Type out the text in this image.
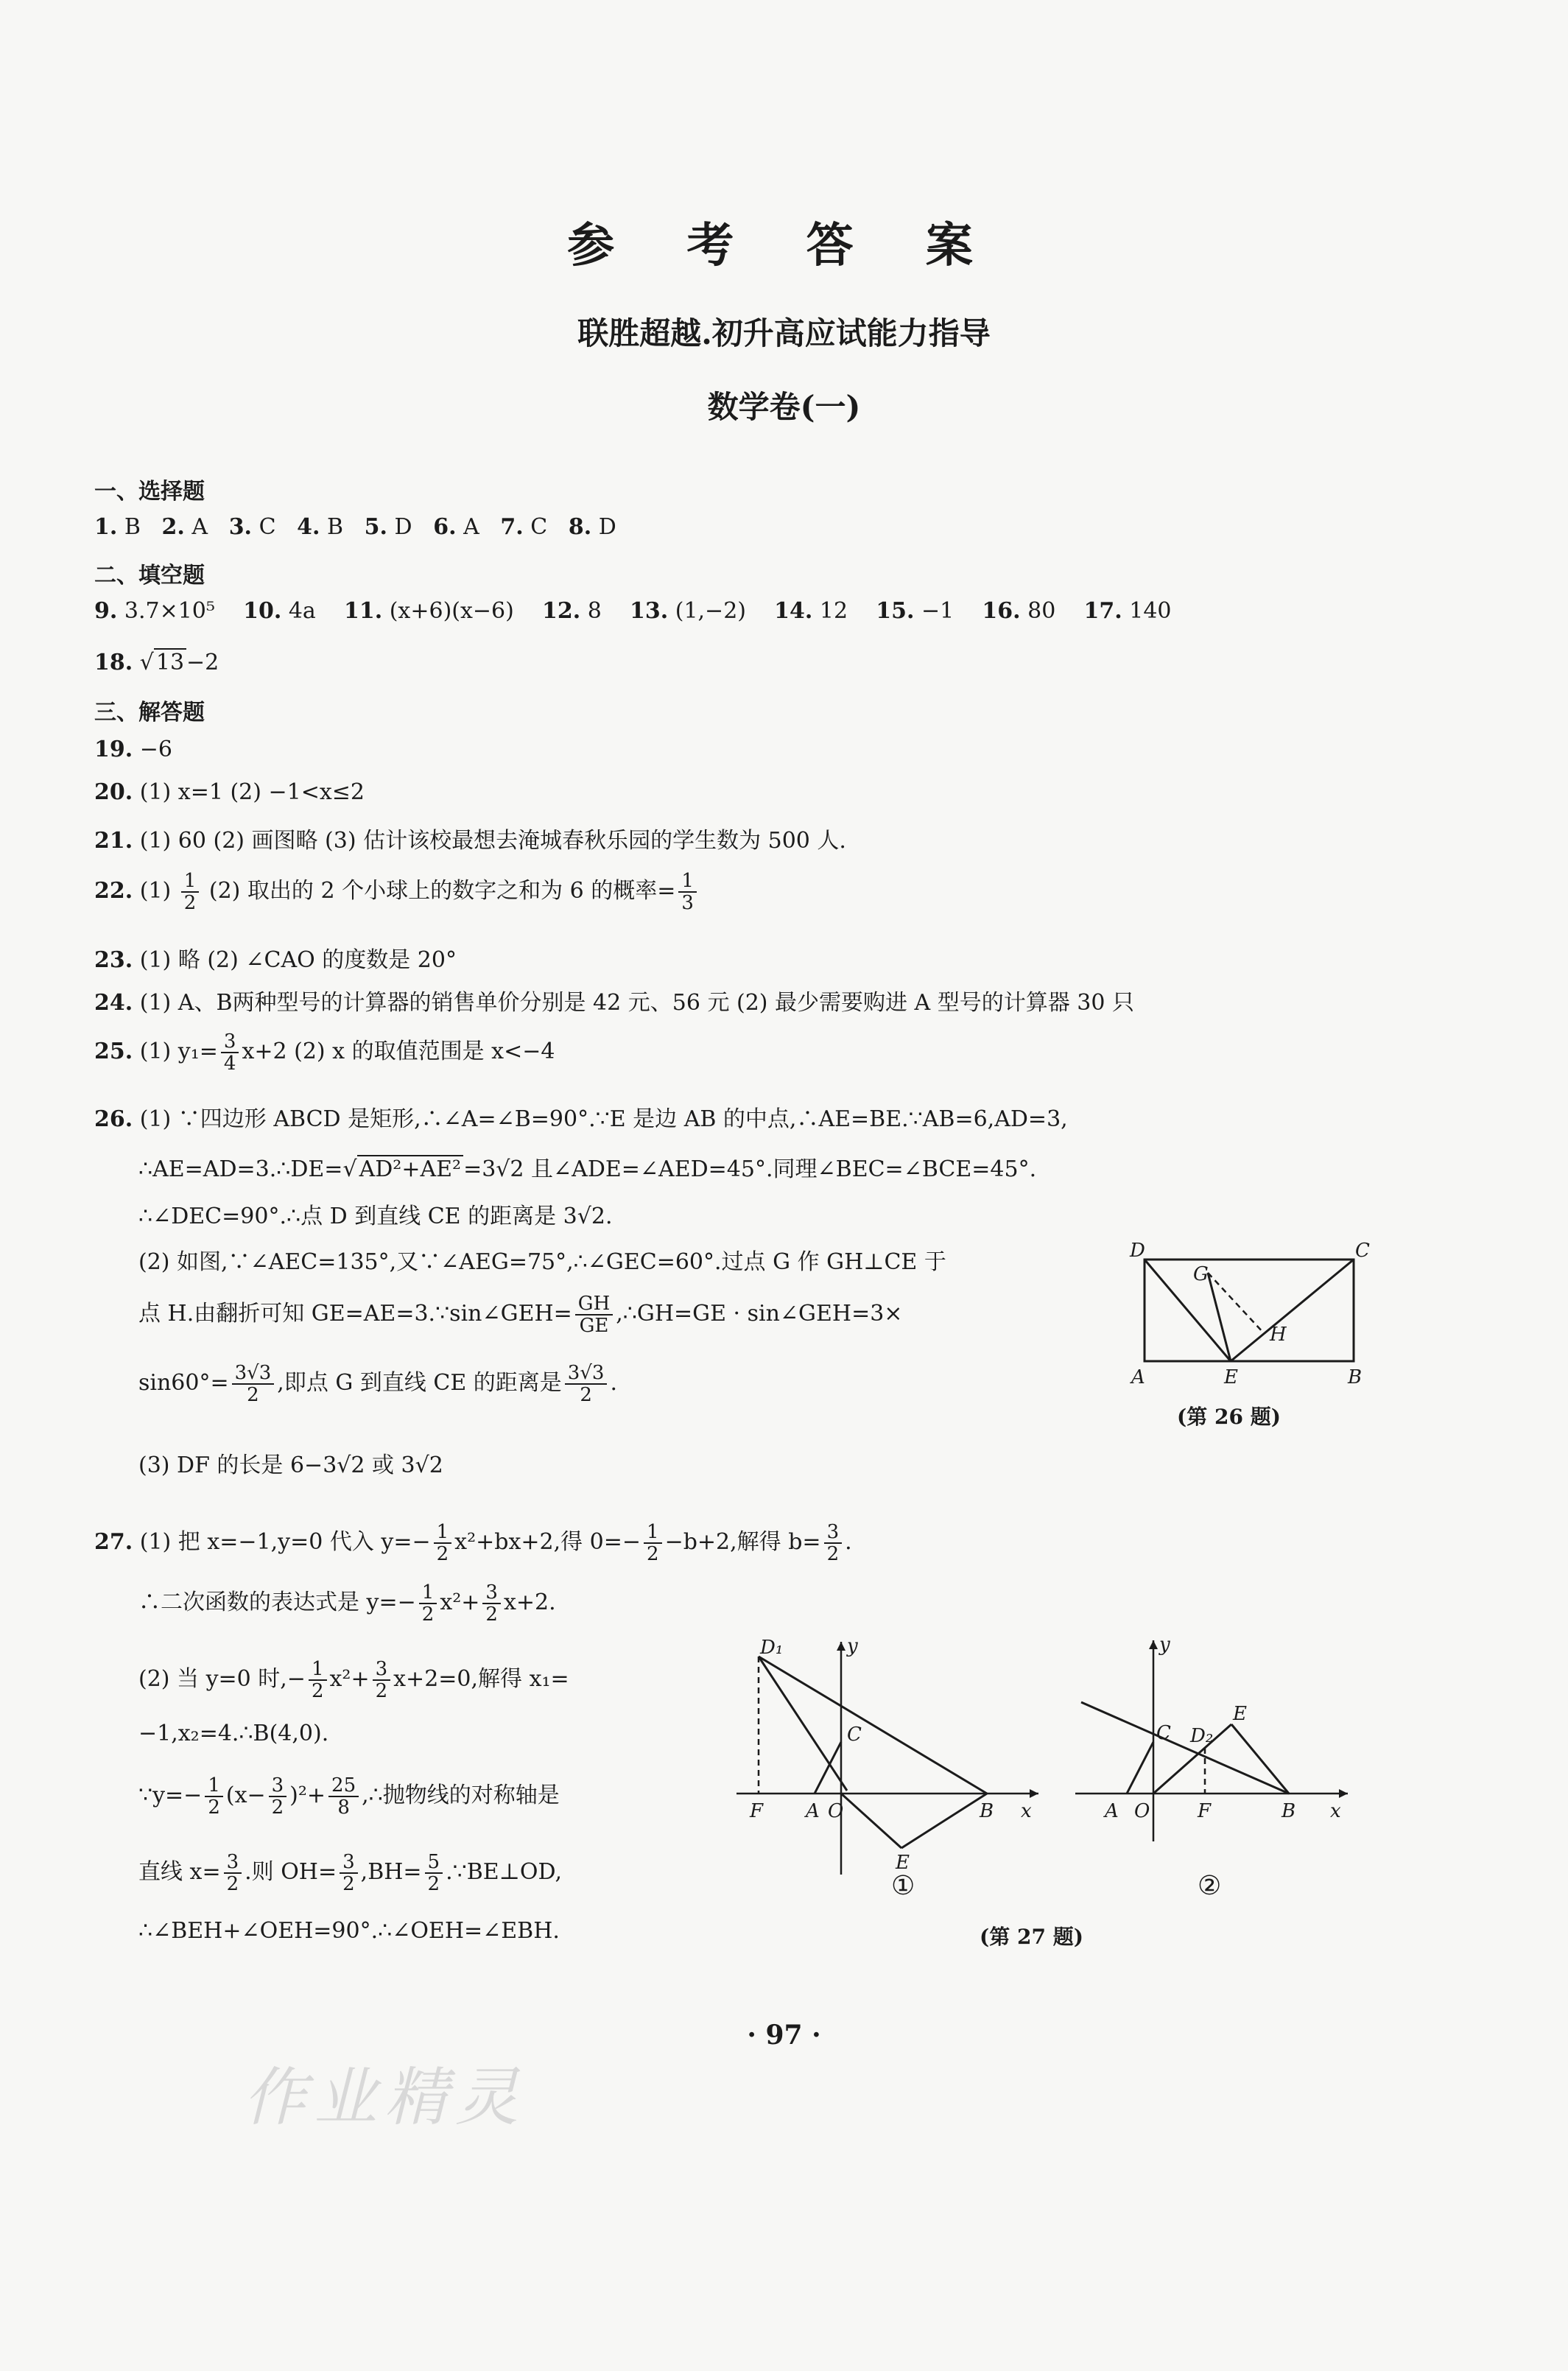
参 考 答 案
联胜超越.初升高应试能力指导
数学卷(一)
一、选择题
1. B 2. A 3. C 4. B 5. D 6. A 7. C 8. D
二、填空题
9. 3.7×10⁵ 10. 4a 11. (x+6)(x−6) 12. 8 13. (1,−2) 14. 12 15. −1 16. 80 17. 140
18. √ 13 −2
三、解答题
19. −6
20. (1) x=1 (2) −1<x≤2
21. (1) 60 (2) 画图略 (3) 估计该校最想去淹城春秋乐园的学生数为 500 人.
22. $(1) \frac{1}{2} (2)$ 取出的 2 个小球上的数字之和为 6 的概率= $\frac{1}{3}$
23. (1) 略 (2) ∠CAO 的度数是 20°
24. (1) A、B两种型号的计算器的销售单价分别是 42 元、56 元 (2) 最少需要购进 A 型号的计算器 30 只
25. (1) $y_1= \frac{3}{4} x+2$ (2) x 的取值范围是 x<−4
26. (1) ∵四边形 ABCD 是矩形,∴∠A=∠B=90°.∵E 是边 AB 的中点,∴AE=BE.∵AB=6,AD=3,
∴AE=AD=3.∴DE=√ AD²+AE² =3√2 且∠ADE=∠AED=45°.同理∠BEC=∠BCE=45°.
∴∠DEC=90°.∴点 D 到直线 CE 的距离是 3√2.
(2) 如图,∵∠AEC=135°,又∵∠AEG=75°,∴∠GEC=60°.过点 G 作 GH⊥CE 于
点 H.由翻折可知 GE=AE=3.∵sin∠GEH= $\frac{GH}{GE}$ ,∴GH=GE · sin∠GEH=3×
$\sin 60^\circ= \frac{3√3}{2}$ ,即点 G 到直线 CE 的距离是 $\frac{3√3}{2}$ .
(3) DF 的长是 6−3√2 或 3√2
D	C
G
H
A	E	B
(第 26 题)
27. (1) 把 x=−1,y=0 代入 $y=- \frac{1}{2} x^2+bx+2$,得 $0=- \frac{1}{2} -b+2$,解得 $b= \frac{3}{2}$ .
∴二次函数的表达式是 $y=- \frac{1}{2} x^2+ \frac{3}{2} x+2$.
(2) 当 y=0 时,− $\frac{1}{2} x^2+ \frac{3}{2} x+2=0$,解得 x₁=
−1,x₂=4.∴B(4,0).
∵y=− $\frac{1}{2} (x- \frac{3}{2} )^2+ \frac{25}{8}$ ,∴抛物线的对称轴是
直线 $x= \frac{3}{2}$ .则 $OH= \frac{3}{2} ,BH= \frac{5}{2}$ .∵BE⊥OD,
∴∠BEH+∠OEH=90°.∴∠OEH=∠EBH.
D₁	y
C
F A O	B x
E
①
y
C D₂
E
A O F	B x
②
(第 27 题)
· 97 ·
作业精灵
